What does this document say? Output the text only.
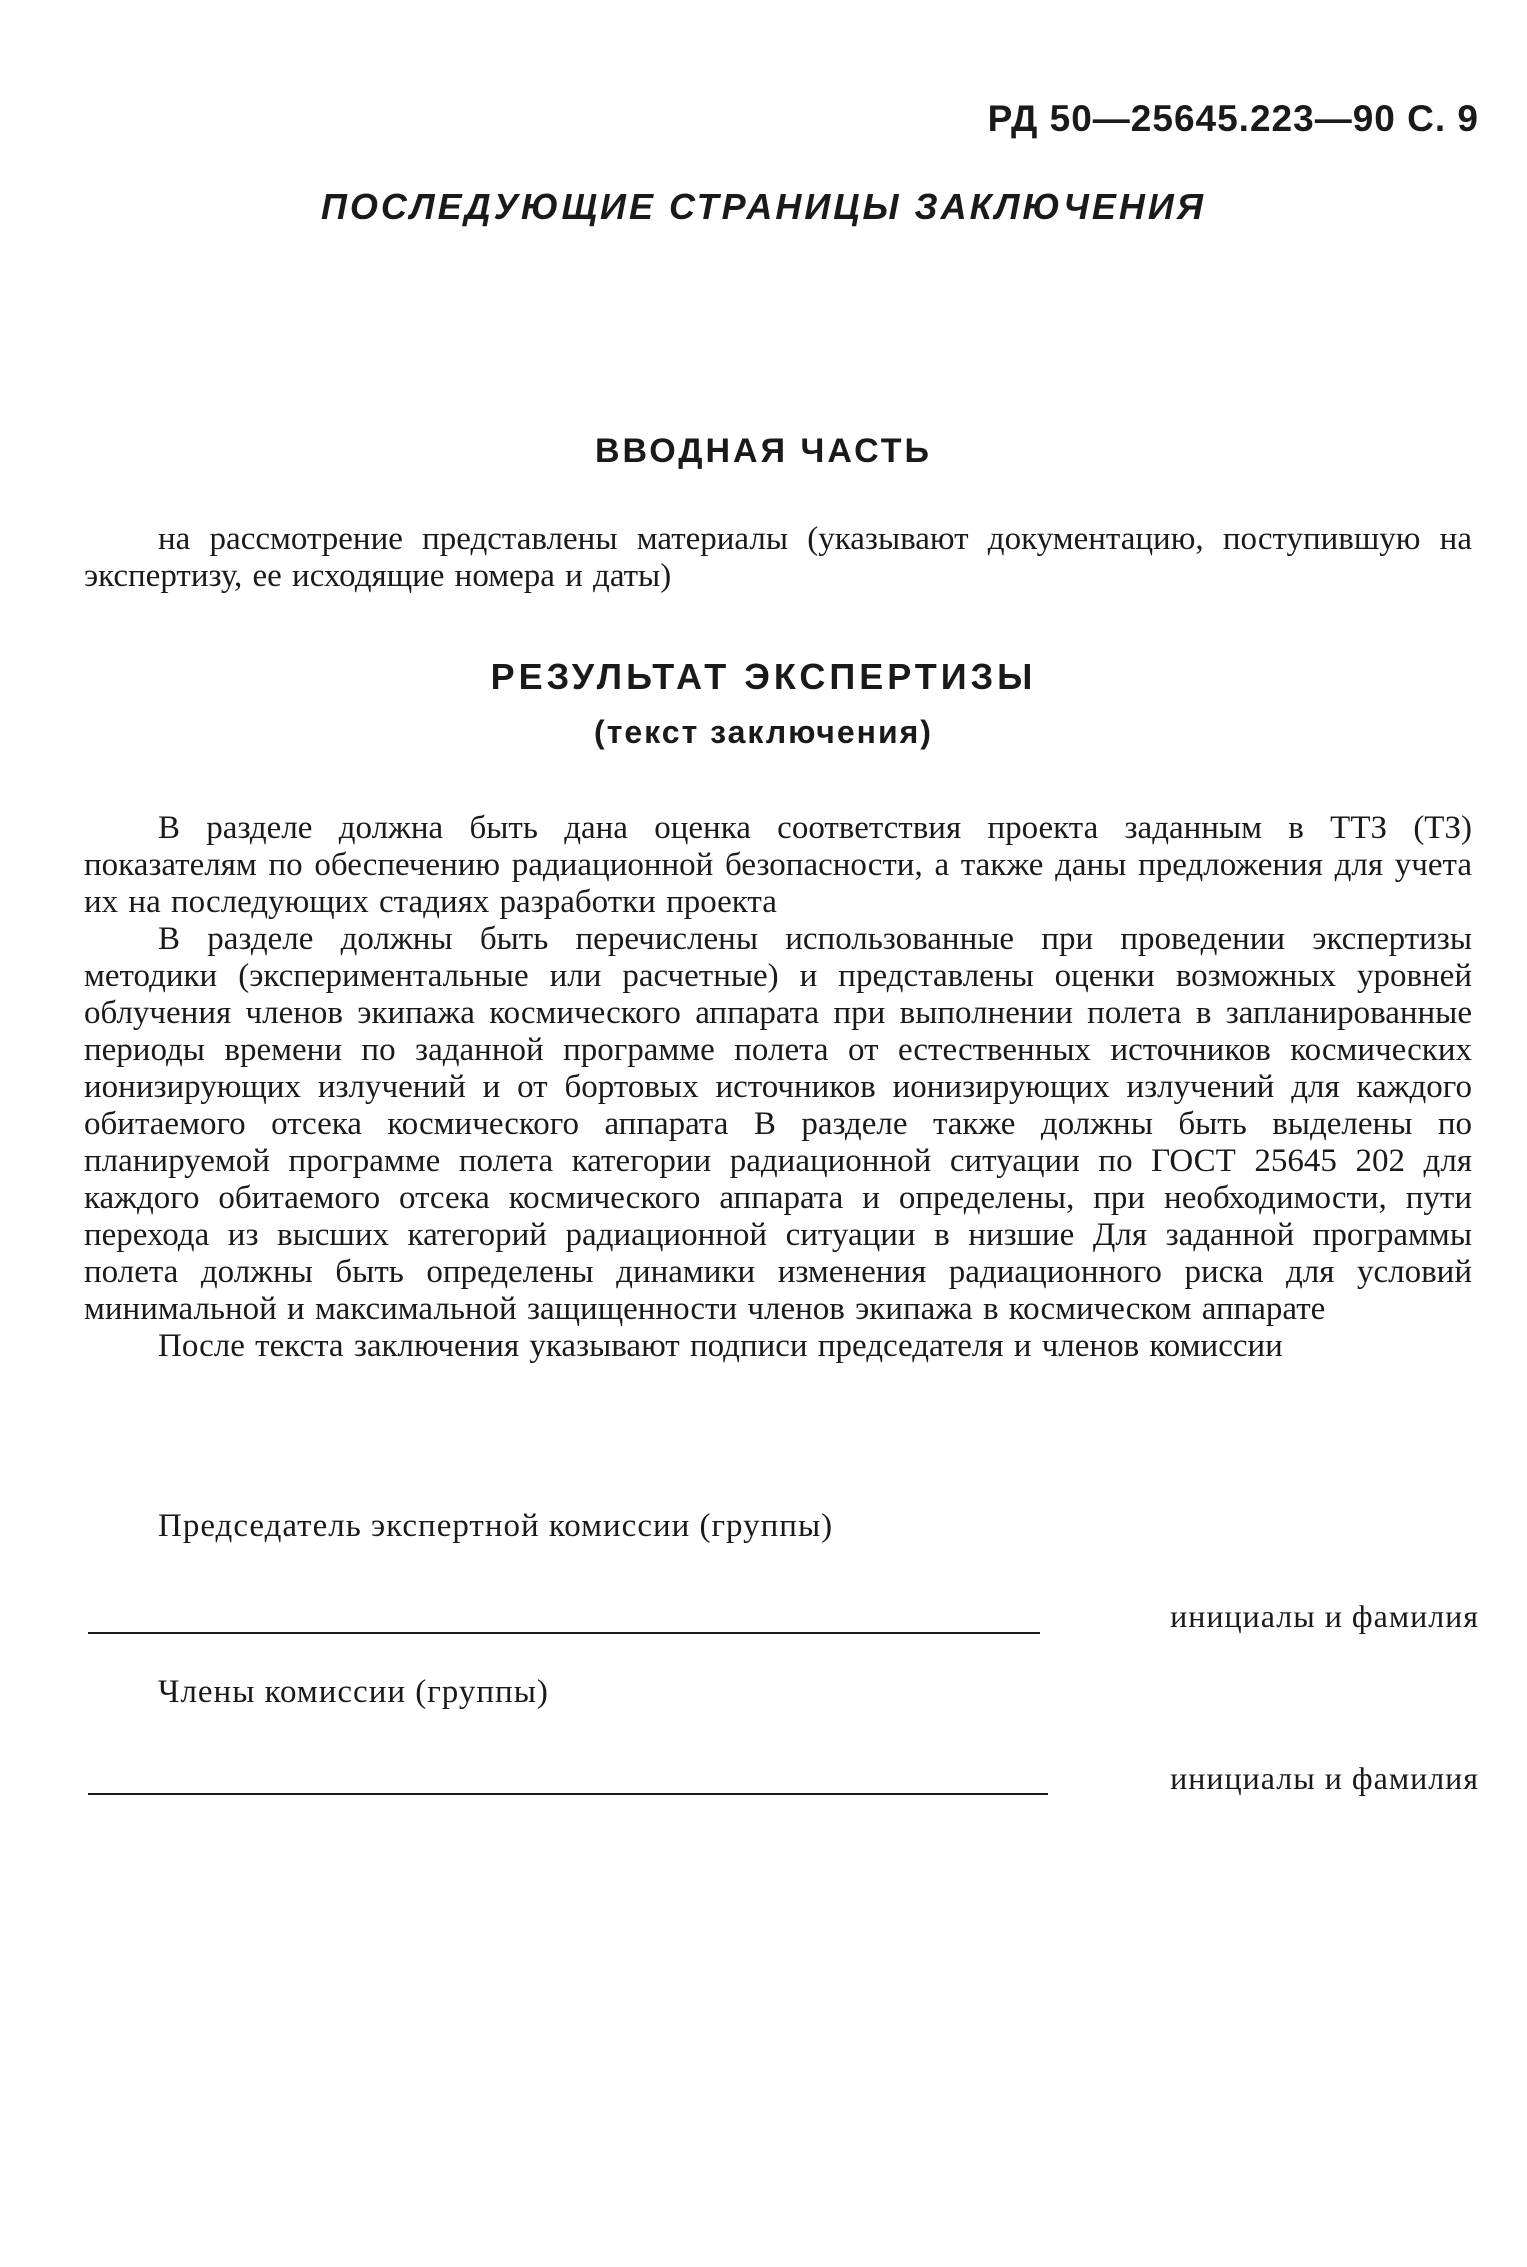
РД 50—25645.223—90 С. 9
ПОСЛЕДУЮЩИЕ СТРАНИЦЫ ЗАКЛЮЧЕНИЯ
ВВОДНАЯ ЧАСТЬ

на рассмотрение представлены материалы (указывают документацию, поступившую на экспертизу, ее исходящие номера и даты)

РЕЗУЛЬТАТ ЭКСПЕРТИЗЫ
(текст заключения)

В разделе должна быть дана оценка соответствия проекта заданным в ТТЗ (ТЗ) показателям по обеспечению радиационной безопасности, а также даны предложения для учета их на последующих стадиях разработки проекта

В разделе должны быть перечислены использованные при проведении экспертизы методики (экспериментальные или расчетные) и представлены оценки возможных уровней облучения членов экипажа космического аппарата при выполнении полета в запланированные периоды времени по заданной программе полета от естественных источников космических ионизирующих излучений и от бортовых источников ионизирующих излучений для каждого обитаемого отсека космического аппарата В разделе также должны быть выделены по планируемой программе полета категории радиационной ситуации по ГОСТ 25645 202 для каждого обитаемого отсека космического аппарата и определены, при необходимости, пути перехода из высших категорий радиационной ситуации в низшие Для заданной программы полета должны быть определены динамики изменения радиационного риска для условий минимальной и максимальной защищенности членов экипажа в космическом аппарате

После текста заключения указывают подписи председателя и членов комиссии

Председатель экспертной комиссии (группы)
инициалы и фамилия
Члены комиссии (группы)
инициалы и фамилия
